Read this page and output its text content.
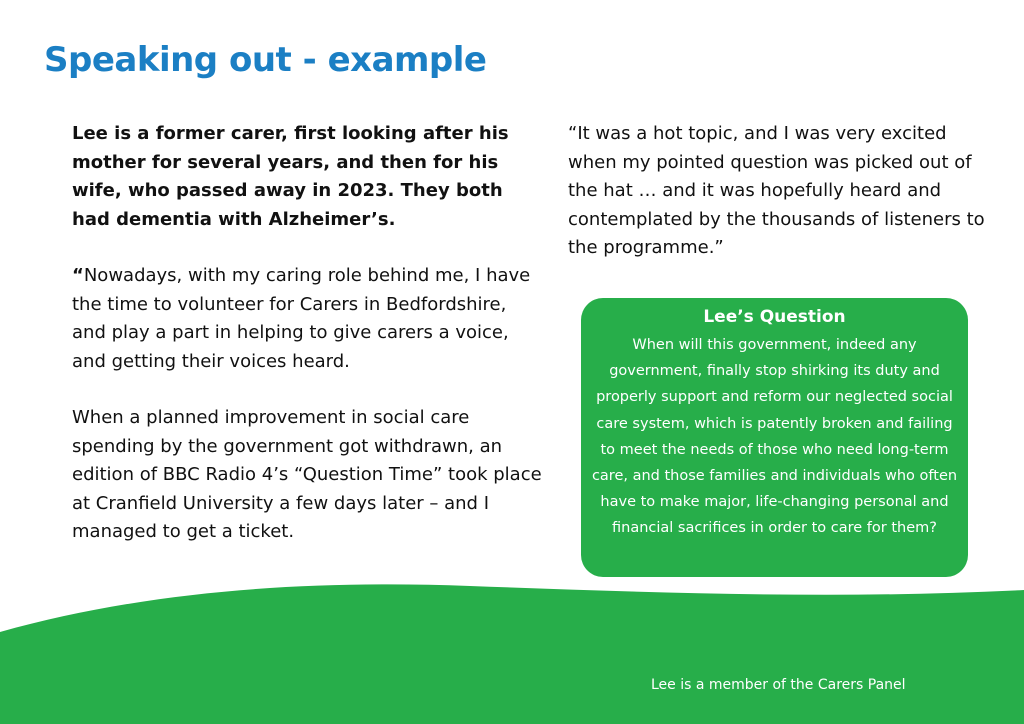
Speaking out - example

Lee is a former carer, first looking after his mother for several years, and then for his wife, who passed away in 2023. They both had dementia with Alzheimer’s.

“Nowadays, with my caring role behind me, I have the time to volunteer for Carers in Bedfordshire, and play a part in helping to give carers a voice, and getting their voices heard.

When a planned improvement in social care spending by the government got withdrawn, an edition of BBC Radio 4’s “Question Time” took place at Cranfield University a few days later – and I managed to get a ticket.

“It was a hot topic, and I was very excited when my pointed question was picked out of the hat … and it was hopefully heard and contemplated by the thousands of listeners to the programme.”

Lee’s Question

When will this government, indeed any government, finally stop shirking its duty and properly support and reform our neglected social care system, which is patently broken and failing to meet the needs of those who need long-term care, and those families and individuals who often have to make major, life-changing personal and financial sacrifices in order to care for them?

Lee is a member of the Carers Panel
